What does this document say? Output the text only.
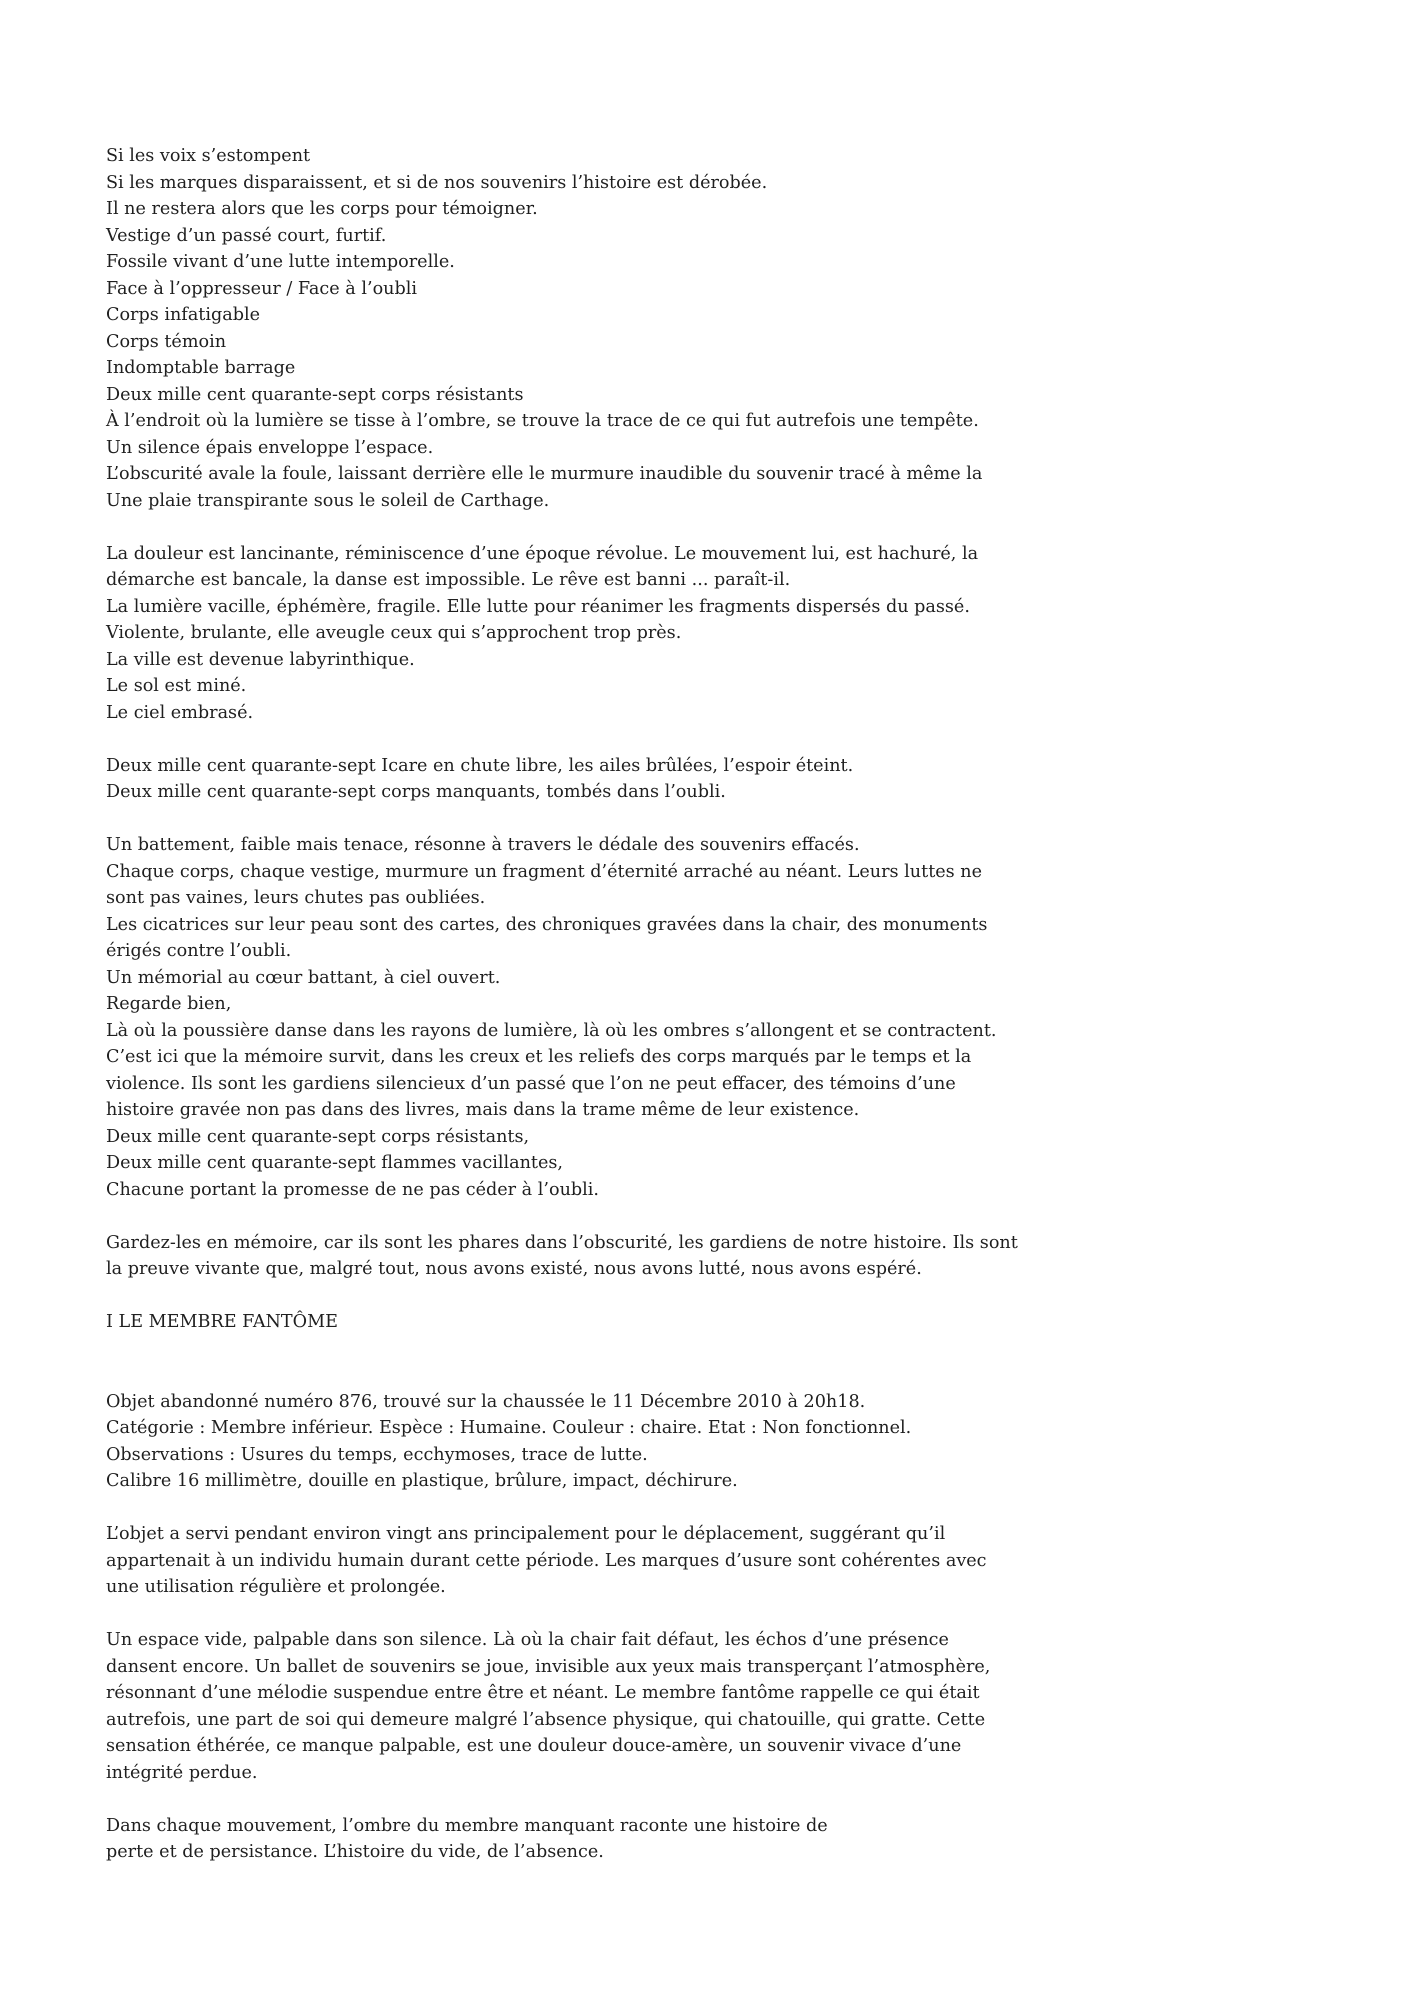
Si les voix s’estompent
Si les marques disparaissent, et si de nos souvenirs l’histoire est dérobée.
Il ne restera alors que les corps pour témoigner.
Vestige d’un passé court, furtif.
Fossile vivant d’une lutte intemporelle.
Face à l’oppresseur / Face à l’oubli
Corps infatigable
Corps témoin
Indomptable barrage
Deux mille cent quarante-sept corps résistants
À l’endroit où la lumière se tisse à l’ombre, se trouve la trace de ce qui fut autrefois une tempête.
Un silence épais enveloppe l’espace.
L’obscurité avale la foule, laissant derrière elle le murmure inaudible du souvenir tracé à même la
Une plaie transpirante sous le soleil de Carthage.
La douleur est lancinante, réminiscence d’une époque révolue. Le mouvement lui, est hachuré, la
démarche est bancale, la danse est impossible. Le rêve est banni ... paraît-il.
La lumière vacille, éphémère, fragile. Elle lutte pour réanimer les fragments dispersés du passé.
Violente, brulante, elle aveugle ceux qui s’approchent trop près.
La ville est devenue labyrinthique.
Le sol est miné.
Le ciel embrasé.
Deux mille cent quarante-sept Icare en chute libre, les ailes brûlées, l’espoir éteint.
Deux mille cent quarante-sept corps manquants, tombés dans l’oubli.
Un battement, faible mais tenace, résonne à travers le dédale des souvenirs effacés.
Chaque corps, chaque vestige, murmure un fragment d’éternité arraché au néant. Leurs luttes ne
sont pas vaines, leurs chutes pas oubliées.
Les cicatrices sur leur peau sont des cartes, des chroniques gravées dans la chair, des monuments
érigés contre l’oubli.
Un mémorial au cœur battant, à ciel ouvert.
Regarde bien,
Là où la poussière danse dans les rayons de lumière, là où les ombres s’allongent et se contractent.
C’est ici que la mémoire survit, dans les creux et les reliefs des corps marqués par le temps et la
violence. Ils sont les gardiens silencieux d’un passé que l’on ne peut effacer, des témoins d’une
histoire gravée non pas dans des livres, mais dans la trame même de leur existence.
Deux mille cent quarante-sept corps résistants,
Deux mille cent quarante-sept flammes vacillantes,
Chacune portant la promesse de ne pas céder à l’oubli.
Gardez-les en mémoire, car ils sont les phares dans l’obscurité, les gardiens de notre histoire. Ils sont
la preuve vivante que, malgré tout, nous avons existé, nous avons lutté, nous avons espéré.
I LE MEMBRE FANTÔME
Objet abandonné numéro 876, trouvé sur la chaussée le 11 Décembre 2010 à 20h18.
Catégorie : Membre inférieur. Espèce : Humaine. Couleur : chaire. Etat : Non fonctionnel.
Observations : Usures du temps, ecchymoses, trace de lutte.
Calibre 16 millimètre, douille en plastique, brûlure, impact, déchirure.
L’objet a servi pendant environ vingt ans principalement pour le déplacement, suggérant qu’il
appartenait à un individu humain durant cette période. Les marques d’usure sont cohérentes avec
une utilisation régulière et prolongée.
Un espace vide, palpable dans son silence. Là où la chair fait défaut, les échos d’une présence
dansent encore. Un ballet de souvenirs se joue, invisible aux yeux mais transperçant l’atmosphère,
résonnant d’une mélodie suspendue entre être et néant. Le membre fantôme rappelle ce qui était
autrefois, une part de soi qui demeure malgré l’absence physique, qui chatouille, qui gratte. Cette
sensation éthérée, ce manque palpable, est une douleur douce-amère, un souvenir vivace d’une
intégrité perdue.
Dans chaque mouvement, l’ombre du membre manquant raconte une histoire de
perte et de persistance. L’histoire du vide, de l’absence.
